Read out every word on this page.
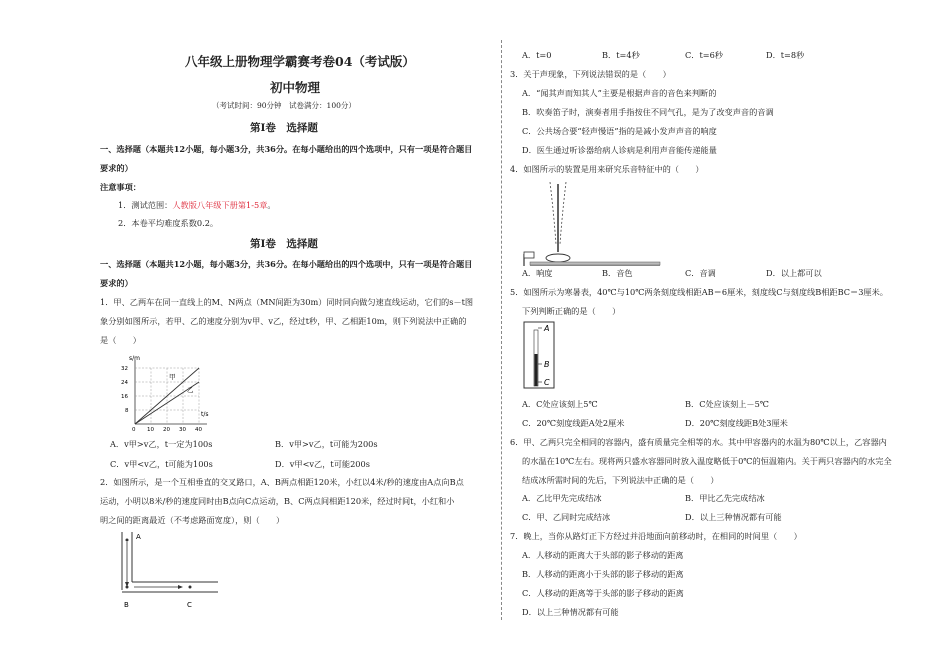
八年级上册物理学霸赛考卷04（考试版）
初中物理
（考试时间：90分钟　试卷满分：100分）
第Ⅰ卷　选择题
一、选择题（本题共12小题，每小题3分，共36分。在每小题给出的四个选项中，只有一项是符合题目
要求的）
注意事项：
1．测试范围：人教版八年级下册第1-5章。
2．本卷平均难度系数0.2。
第Ⅰ卷　选择题
一、选择题（本题共12小题，每小题3分，共36分。在每小题给出的四个选项中，只有一项是符合题目
要求的）
1．甲、乙两车在同一直线上的M、N两点（MN间距为30m）同时同向做匀速直线运动，它们的s－t图
象分别如图所示，若甲、乙的速度分别为v甲、v乙，经过t秒，甲、乙相距10m，则下列说法中正确的
是（　　）
s/m
t/s
32
24
16
8
0 10 20 30 40
甲
乙
A．v甲>v乙，t一定为100s	B．v甲>v乙，t可能为200s
C．v甲<v乙，t可能为100s	D．v甲<v乙，t可能200s
2．如图所示，是一个互相垂直的交叉路口，A、B两点相距120米，小红以4米/秒的速度由A点向B点
运动，小明以8米/秒的速度同时由B点向C点运动，B、C两点间相距120米，经过时间t，小红和小
明之间的距离最近（不考虑路面宽度），则（　　）
A
B	C
A．t=0	B．t=4秒	C．t=6秒	D．t=8秒
3．关于声现象，下列说法错误的是（　　）
A．“闻其声而知其人”主要是根据声音的音色来判断的
B．吹奏笛子时，演奏者用手指按住不同气孔，是为了改变声音的音调
C．公共场合要“轻声慢语”指的是减小发声声音的响度
D．医生通过听诊器给病人诊病是利用声音能传递能量
4．如图所示的装置是用来研究乐音特征中的（　　）
A．响度	B．音色	C．音调	D．以上都可以
5．如图所示为寒暑表，40℃与10℃两条刻度线相距AB＝6厘米，刻度线C与刻度线B相距BC＝3厘米。
下列判断正确的是（　　）
A
B
C
A．C处应该刻上5℃	B．C处应该刻上－5℃
C．20℃刻度线距A处2厘米	D．20℃刻度线距B处3厘米
6．甲、乙两只完全相同的容器内，盛有质量完全相等的水。其中甲容器内的水温为80℃以上，乙容器内
的水温在10℃左右。现将两只盛水容器同时放入温度略低于0℃的恒温箱内。关于两只容器内的水完全
结成冰所需时间的先后，下列说法中正确的是（　　）
A．乙比甲先完成结冰	B．甲比乙先完成结冰
C．甲、乙同时完成结冰	D．以上三种情况都有可能
7．晚上，当你从路灯正下方经过并沿地面向前移动时，在相同的时间里（　　）
A．人移动的距离大于头部的影子移动的距离
B．人移动的距离小于头部的影子移动的距离
C．人移动的距离等于头部的影子移动的距离
D．以上三种情况都有可能
